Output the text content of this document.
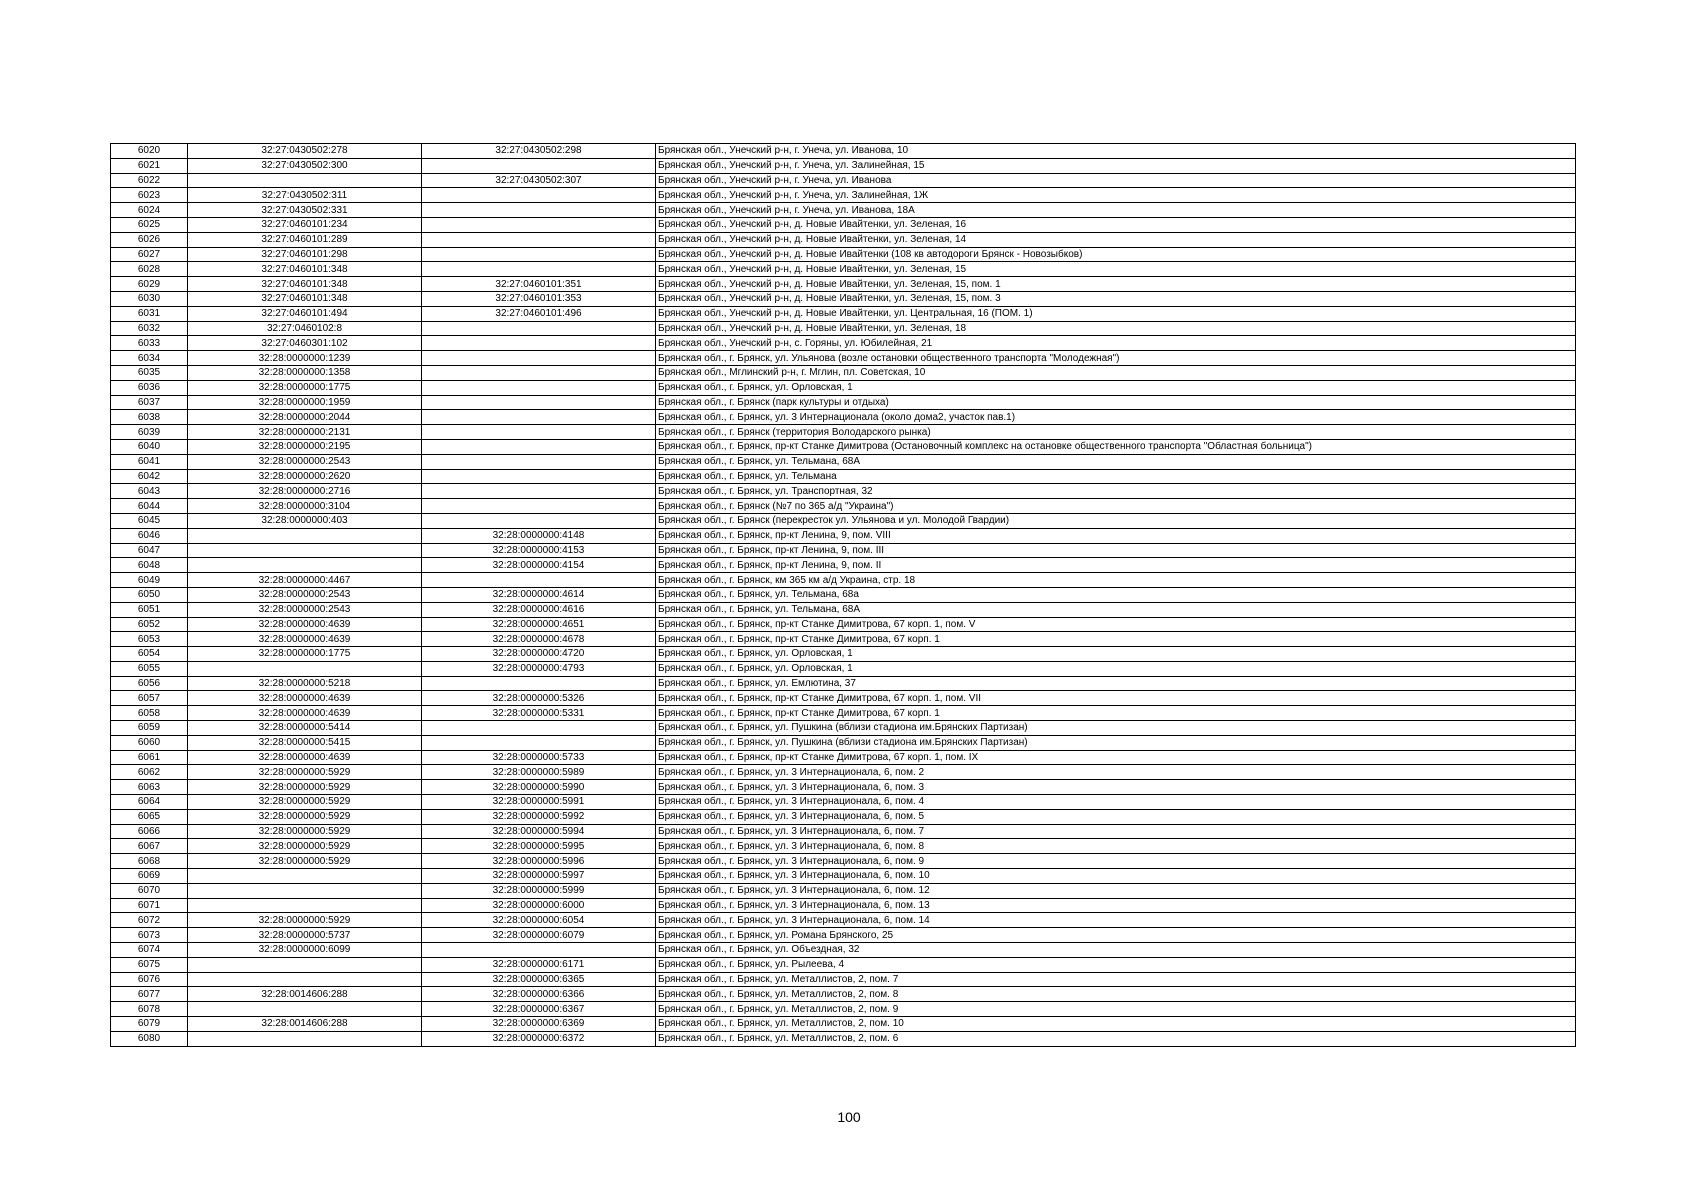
6020	32:27:0430502:278	32:27:0430502:298	Брянская обл., Унечский р-н, г. Унеча, ул. Иванова, 10
6021	32:27:0430502:300		Брянская обл., Унечский р-н, г. Унеча, ул. Залинейная, 15
6022		32:27:0430502:307	Брянская обл., Унечский р-н, г. Унеча, ул. Иванова
6023	32:27:0430502:311		Брянская обл., Унечский р-н, г. Унеча, ул. Залинейная, 1Ж
6024	32:27:0430502:331		Брянская обл., Унечский р-н, г. Унеча, ул. Иванова, 18А
6025	32:27:0460101:234		Брянская обл., Унечский р-н, д. Новые Ивайтенки, ул. Зеленая, 16
6026	32:27:0460101:289		Брянская обл., Унечский р-н, д. Новые Ивайтенки, ул. Зеленая, 14
6027	32:27:0460101:298		Брянская обл., Унечский р-н, д. Новые Ивайтенки (108 кв автодороги Брянск - Новозыбков)
6028	32:27:0460101:348		Брянская обл., Унечский р-н, д. Новые Ивайтенки, ул. Зеленая, 15
6029	32:27:0460101:348	32:27:0460101:351	Брянская обл., Унечский р-н, д. Новые Ивайтенки, ул. Зеленая, 15, пом. 1
6030	32:27:0460101:348	32:27:0460101:353	Брянская обл., Унечский р-н, д. Новые Ивайтенки, ул. Зеленая, 15, пом. 3
6031	32:27:0460101:494	32:27:0460101:496	Брянская обл., Унечский р-н, д. Новые Ивайтенки, ул. Центральная, 16 (ПОМ. 1)
6032	32:27:0460102:8		Брянская обл., Унечский р-н, д. Новые Ивайтенки, ул. Зеленая, 18
6033	32:27:0460301:102		Брянская обл., Унечский р-н, с. Горяны, ул. Юбилейная, 21
6034	32:28:0000000:1239		Брянская обл., г. Брянск, ул. Ульянова (возле остановки общественного транспорта "Молодежная")
6035	32:28:0000000:1358		Брянская обл., Мглинский р-н, г. Мглин, пл. Советская, 10
6036	32:28:0000000:1775		Брянская обл., г. Брянск, ул. Орловская, 1
6037	32:28:0000000:1959		Брянская обл., г. Брянск (парк культуры и отдыха)
6038	32:28:0000000:2044		Брянская обл., г. Брянск, ул. 3 Интернационала (около дома2, участок пав.1)
6039	32:28:0000000:2131		Брянская обл., г. Брянск (территория Володарского рынка)
6040	32:28:0000000:2195		Брянская обл., г. Брянск, пр-кт Станке Димитрова (Остановочный комплекс на остановке общественного транспорта "Областная больница")
6041	32:28:0000000:2543		Брянская обл., г. Брянск, ул. Тельмана, 68А
6042	32:28:0000000:2620		Брянская обл., г. Брянск, ул. Тельмана
6043	32:28:0000000:2716		Брянская обл., г. Брянск, ул. Транспортная, 32
6044	32:28:0000000:3104		Брянская обл., г. Брянск (№7 по 365 а/д "Украина")
6045	32:28:0000000:403		Брянская обл., г. Брянск (перекресток ул. Ульянова и ул. Молодой Гвардии)
6046		32:28:0000000:4148	Брянская обл., г. Брянск, пр-кт Ленина, 9, пом. VIII
6047		32:28:0000000:4153	Брянская обл., г. Брянск, пр-кт Ленина, 9, пом. III
6048		32:28:0000000:4154	Брянская обл., г. Брянск, пр-кт Ленина, 9, пом. II
6049	32:28:0000000:4467		Брянская обл., г. Брянск, км 365 км а/д Украина, стр. 18
6050	32:28:0000000:2543	32:28:0000000:4614	Брянская обл., г. Брянск, ул. Тельмана, 68а
6051	32:28:0000000:2543	32:28:0000000:4616	Брянская обл., г. Брянск, ул. Тельмана, 68А
6052	32:28:0000000:4639	32:28:0000000:4651	Брянская обл., г. Брянск, пр-кт Станке Димитрова, 67 корп. 1, пом. V
6053	32:28:0000000:4639	32:28:0000000:4678	Брянская обл., г. Брянск, пр-кт Станке Димитрова, 67 корп. 1
6054	32:28:0000000:1775	32:28:0000000:4720	Брянская обл., г. Брянск, ул. Орловская, 1
6055		32:28:0000000:4793	Брянская обл., г. Брянск, ул. Орловская, 1
6056	32:28:0000000:5218		Брянская обл., г. Брянск, ул. Емлютина, 37
6057	32:28:0000000:4639	32:28:0000000:5326	Брянская обл., г. Брянск, пр-кт Станке Димитрова, 67 корп. 1, пом. VII
6058	32:28:0000000:4639	32:28:0000000:5331	Брянская обл., г. Брянск, пр-кт Станке Димитрова, 67 корп. 1
6059	32:28:0000000:5414		Брянская обл., г. Брянск, ул. Пушкина (вблизи стадиона им.Брянских Партизан)
6060	32:28:0000000:5415		Брянская обл., г. Брянск, ул. Пушкина (вблизи стадиона им.Брянских Партизан)
6061	32:28:0000000:4639	32:28:0000000:5733	Брянская обл., г. Брянск, пр-кт Станке Димитрова, 67 корп. 1, пом. IX
6062	32:28:0000000:5929	32:28:0000000:5989	Брянская обл., г. Брянск, ул. 3 Интернационала, 6, пом. 2
6063	32:28:0000000:5929	32:28:0000000:5990	Брянская обл., г. Брянск, ул. 3 Интернационала, 6, пом. 3
6064	32:28:0000000:5929	32:28:0000000:5991	Брянская обл., г. Брянск, ул. 3 Интернационала, 6, пом. 4
6065	32:28:0000000:5929	32:28:0000000:5992	Брянская обл., г. Брянск, ул. 3 Интернационала, 6, пом. 5
6066	32:28:0000000:5929	32:28:0000000:5994	Брянская обл., г. Брянск, ул. 3 Интернационала, 6, пом. 7
6067	32:28:0000000:5929	32:28:0000000:5995	Брянская обл., г. Брянск, ул. 3 Интернационала, 6, пом. 8
6068	32:28:0000000:5929	32:28:0000000:5996	Брянская обл., г. Брянск, ул. 3 Интернационала, 6, пом. 9
6069		32:28:0000000:5997	Брянская обл., г. Брянск, ул. 3 Интернационала, 6, пом. 10
6070		32:28:0000000:5999	Брянская обл., г. Брянск, ул. 3 Интернационала, 6, пом. 12
6071		32:28:0000000:6000	Брянская обл., г. Брянск, ул. 3 Интернационала, 6, пом. 13
6072	32:28:0000000:5929	32:28:0000000:6054	Брянская обл., г. Брянск, ул. 3 Интернационала, 6, пом. 14
6073	32:28:0000000:5737	32:28:0000000:6079	Брянская обл., г. Брянск, ул. Романа Брянского, 25
6074	32:28:0000000:6099		Брянская обл., г. Брянск, ул. Объездная, 32
6075		32:28:0000000:6171	Брянская обл., г. Брянск, ул. Рылеева, 4
6076		32:28:0000000:6365	Брянская обл., г. Брянск, ул. Металлистов, 2, пом. 7
6077	32:28:0014606:288	32:28:0000000:6366	Брянская обл., г. Брянск, ул. Металлистов, 2, пом. 8
6078		32:28:0000000:6367	Брянская обл., г. Брянск, ул. Металлистов, 2, пом. 9
6079	32:28:0014606:288	32:28:0000000:6369	Брянская обл., г. Брянск, ул. Металлистов, 2, пом. 10
6080		32:28:0000000:6372	Брянская обл., г. Брянск, ул. Металлистов, 2, пом. 6
100
